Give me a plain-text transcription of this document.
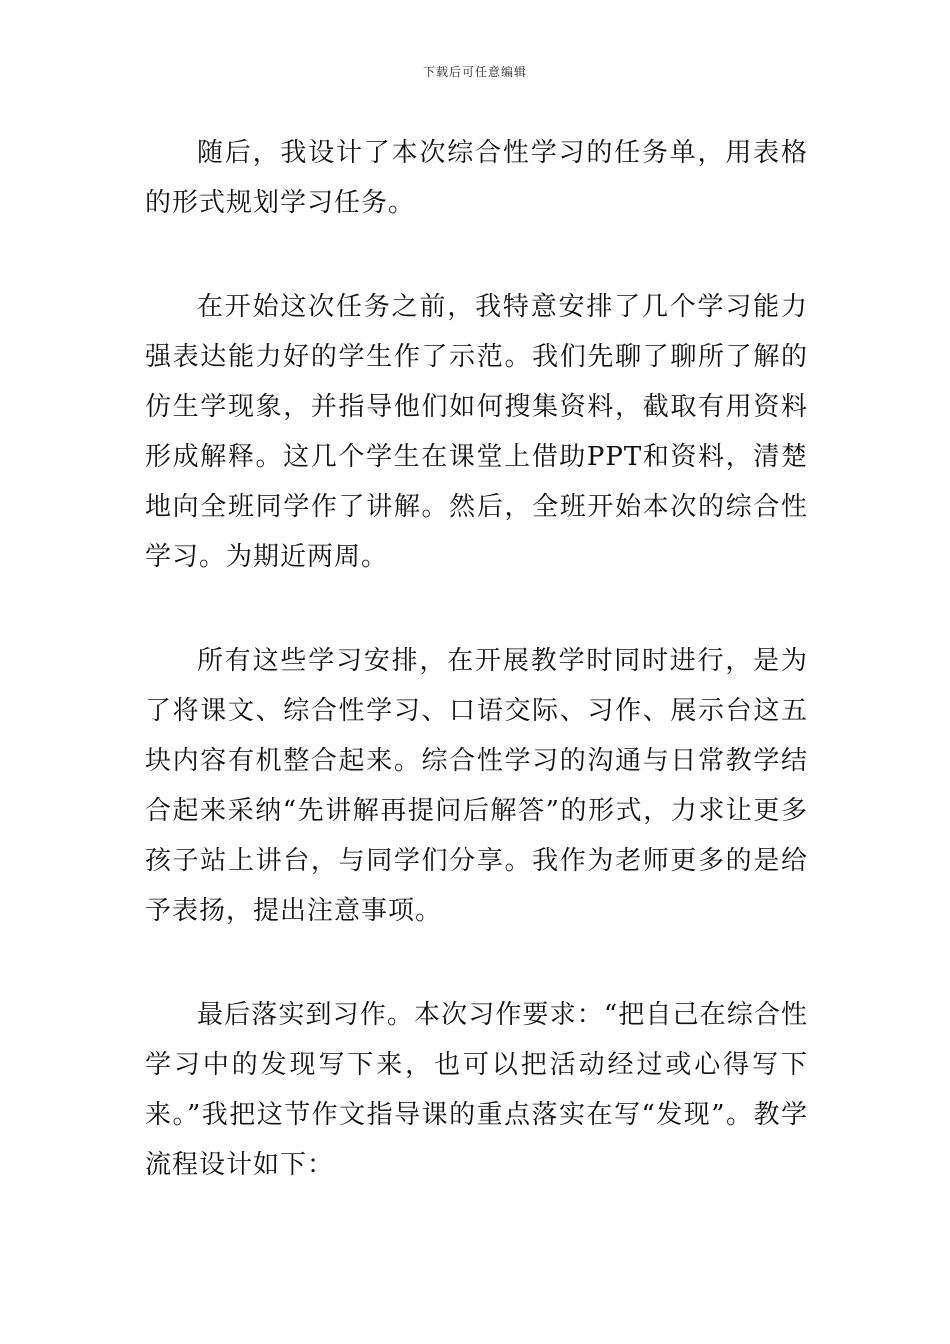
下载后可任意编辑

随后，我设计了本次综合性学习的任务单，用表格的形式规划学习任务。

在开始这次任务之前，我特意安排了几个学习能力强表达能力好的学生作了示范。我们先聊了聊所了解的仿生学现象，并指导他们如何搜集资料，截取有用资料形成解释。这几个学生在课堂上借助PPT和资料，清楚地向全班同学作了讲解。然后，全班开始本次的综合性学习。为期近两周。

所有这些学习安排，在开展教学时同时进行，是为了将课文、综合性学习、口语交际、习作、展示台这五块内容有机整合起来。综合性学习的沟通与日常教学结合起来采纳“先讲解再提问后解答”的形式，力求让更多孩子站上讲台，与同学们分享。我作为老师更多的是给予表扬，提出注意事项。

最后落实到习作。本次习作要求：“把自己在综合性学习中的发现写下来，也可以把活动经过或心得写下来。”我把这节作文指导课的重点落实在写“发现”。教学流程设计如下：
